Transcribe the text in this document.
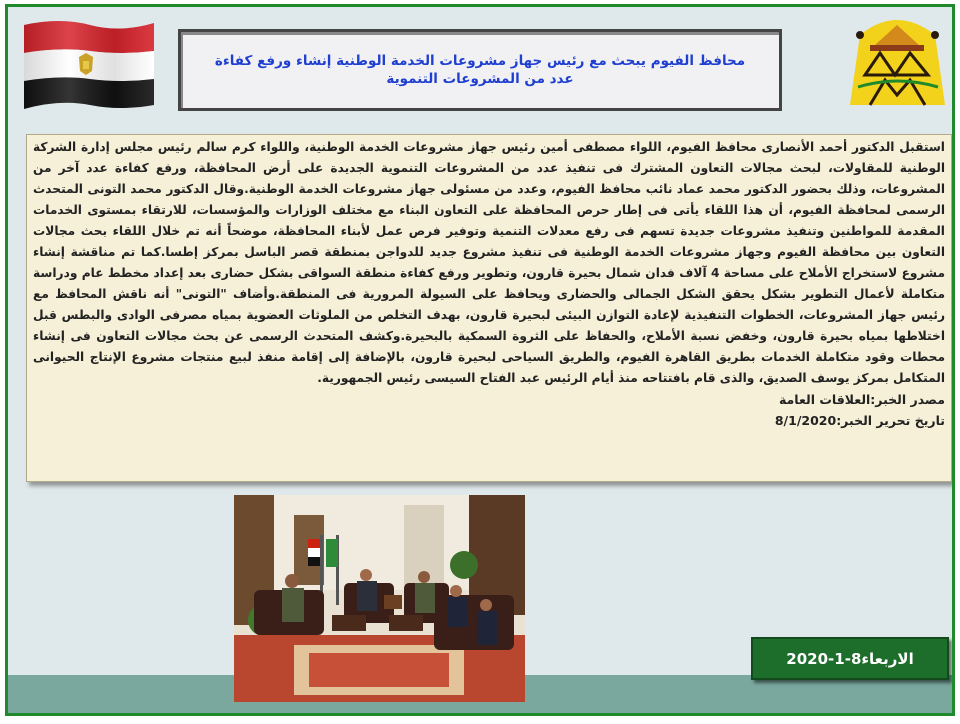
محافظ الفيوم يبحث مع رئيس جهاز مشروعات الخدمة الوطنية إنشاء ورفع كفاءة عدد من المشروعات التنموية

استقبل الدكتور أحمد الأنصارى محافظ الفيوم، اللواء مصطفى أمين رئيس جهاز مشروعات الخدمة الوطنية، واللواء كرم سالم رئيس مجلس إدارة الشركة الوطنية للمقاولات، لبحث مجالات التعاون المشترك فى تنفيذ عدد من المشروعات التنموية الجديدة على أرض المحافظة، ورفع كفاءة عدد آخر من المشروعات، وذلك بحضور الدكتور محمد عماد نائب محافظ الفيوم، وعدد من مسئولى جهاز مشروعات الخدمة الوطنية.وقال الدكتور محمد التونى المتحدث الرسمى لمحافظة الفيوم، أن هذا اللقاء يأتى فى إطار حرص المحافظة على التعاون البناء مع مختلف الوزارات والمؤسسات، للارتقاء بمستوى الخدمات المقدمة للمواطنين وتنفيذ مشروعات جديدة تسهم فى رفع معدلات التنمية وتوفير فرص عمل لأبناء المحافظة، موضحاً أنه تم خلال اللقاء بحث مجالات التعاون بين محافظة الفيوم وجهاز مشروعات الخدمة الوطنية فى تنفيذ مشروع جديد للدواجن بمنطقة قصر الباسل بمركز إطسا.كما تم مناقشة إنشاء مشروع لاستخراج الأملاح على مساحة 4 آلاف فدان شمال بحيرة قارون، وتطوير ورفع كفاءة منطقة السواقى بشكل حضارى بعد إعداد مخطط عام ودراسة متكاملة لأعمال التطوير بشكل يحقق الشكل الجمالى والحضارى ويحافظ على السيولة المرورية فى المنطقة.وأضاف "التونى" أنه ناقش المحافظ مع رئيس جهاز المشروعات، الخطوات التنفيذية لإعادة التوازن البيئى لبحيرة قارون، بهدف التخلص من الملوثات العضوية بمياه مصرفى الوادى والبطس قبل اختلاطها بمياه بحيرة قارون، وخفض نسبة الأملاح، والحفاظ على الثروة السمكية بالبحيرة.وكشف المتحدث الرسمى عن بحث مجالات التعاون فى إنشاء محطات وقود متكاملة الخدمات بطريق القاهرة الفيوم، والطريق السياحى لبحيرة قارون، بالإضافة إلى إقامة منفذ لبيع منتجات مشروع الإنتاج الحيوانى المتكامل بمركز يوسف الصديق، والذى قام بافتتاحه منذ أيام الرئيس عبد الفتاح السيسى رئيس الجمهورية.

مصدر الخبر:العلاقات العامة

تاريخ تحرير الخبر:8/1/2020

الاربعاء8-1-2020
